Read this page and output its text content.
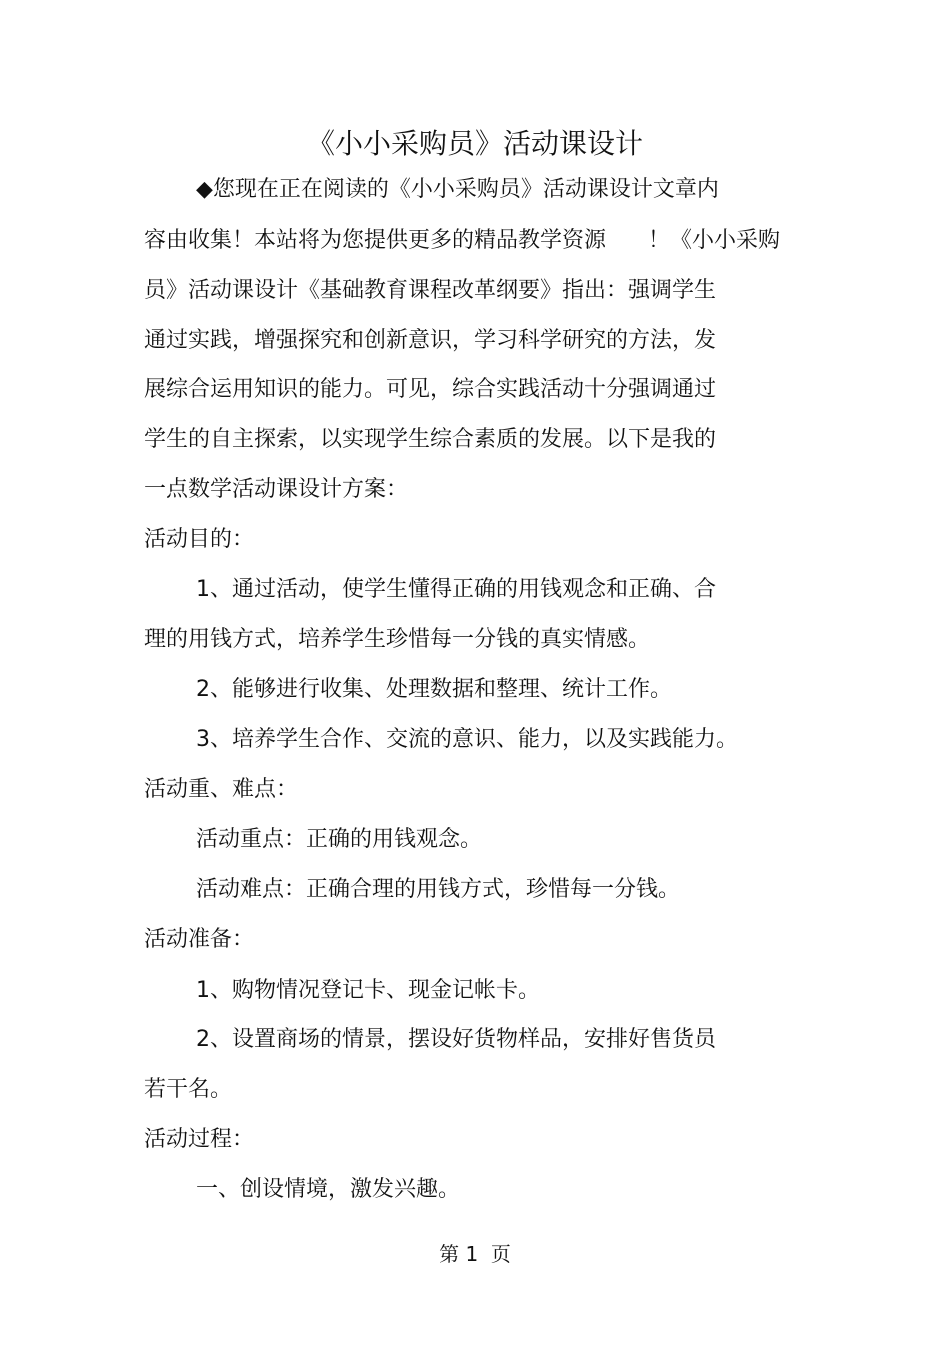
《小小采购员》活动课设计
◆您现在正在阅读的《小小采购员》活动课设计文章内
容由收集！本站将为您提供更多的精品教学资源      ！《小小采购
员》活动课设计《基础教育课程改革纲要》指出：强调学生
通过实践，增强探究和创新意识，学习科学研究的方法，发
展综合运用知识的能力。可见，综合实践活动十分强调通过
学生的自主探索，以实现学生综合素质的发展。以下是我的
一点数学活动课设计方案：
活动目的：
1、通过活动，使学生懂得正确的用钱观念和正确、合
理的用钱方式，培养学生珍惜每一分钱的真实情感。
2、能够进行收集、处理数据和整理、统计工作。
3、培养学生合作、交流的意识、能力，以及实践能力。
活动重、难点：
活动重点：正确的用钱观念。
活动难点：正确合理的用钱方式，珍惜每一分钱。
活动准备：
1、购物情况登记卡、现金记帐卡。
2、设置商场的情景，摆设好货物样品，安排好售货员
若干名。
活动过程：
一、创设情境，激发兴趣。
第 1  页
